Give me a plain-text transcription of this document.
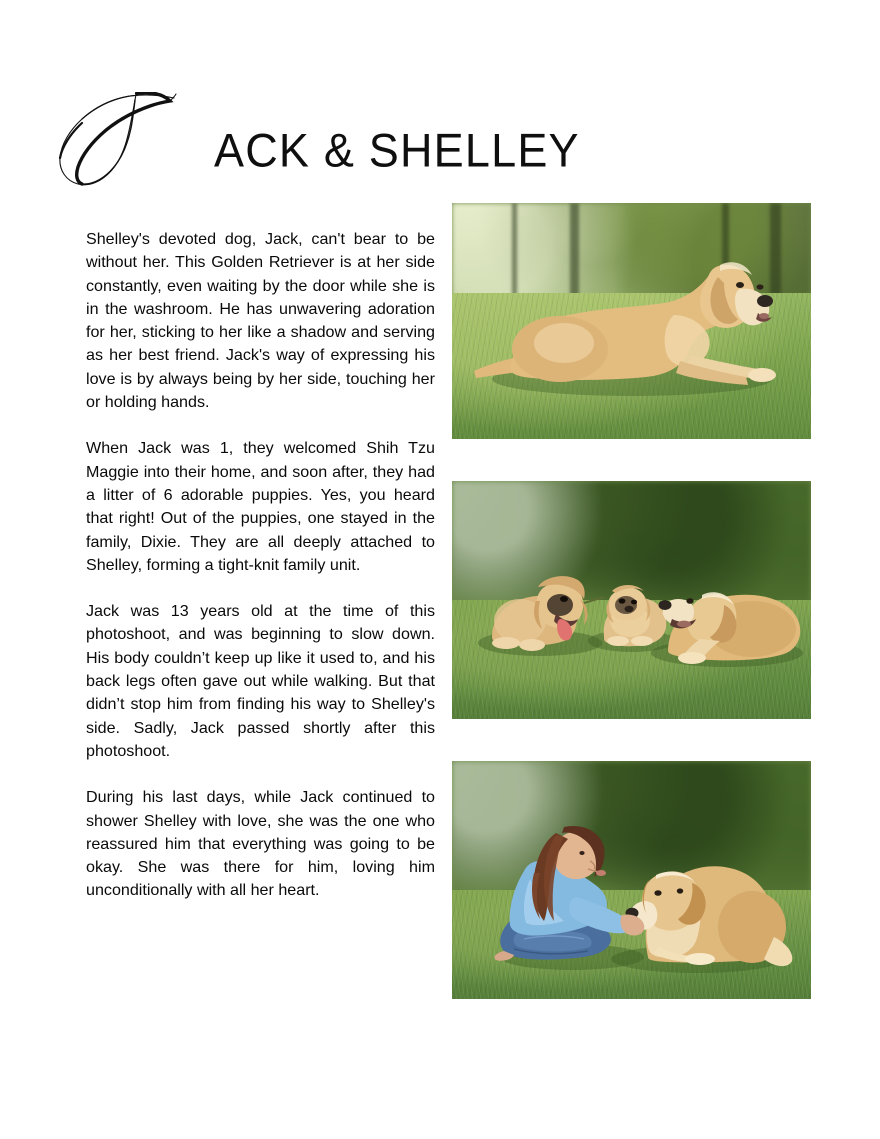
ACK & SHELLEY

Shelley's devoted dog, Jack, can't bear to be without her. This Golden Retriever is at her side constantly, even waiting by the door while she is in the washroom. He has unwavering adoration for her, sticking to her like a shadow and serving as her best friend. Jack's way of expressing his love is by always being by her side, touching her or holding hands.

When Jack was 1, they welcomed Shih Tzu Maggie into their home, and soon after, they had a litter of 6 adorable puppies. Yes, you heard that right! Out of the puppies, one stayed in the family, Dixie. They are all deeply attached to Shelley, forming a tight-knit family unit.

Jack was 13 years old at the time of this photoshoot, and was beginning to slow down. His body couldn’t keep up like it used to, and his back legs often gave out while walking. But that didn’t stop him from finding his way to Shelley's side. Sadly, Jack passed shortly after this photoshoot.

During his last days, while Jack continued to shower Shelley with love, she was the one who reassured him that everything was going to be okay. She was there for him, loving him unconditionally with all her heart.
